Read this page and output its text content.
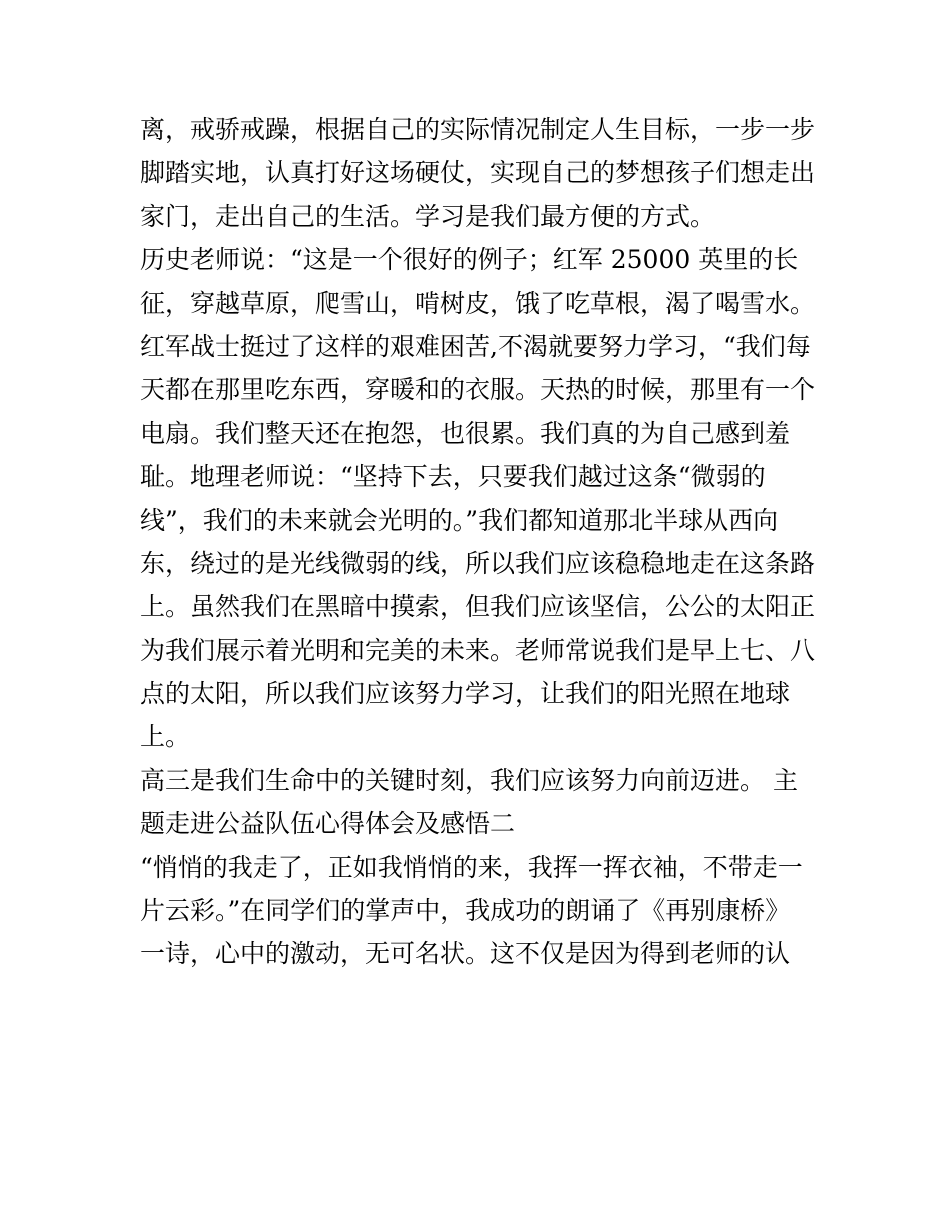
离，戒骄戒躁，根据自己的实际情况制定人生目标，一步一步
脚踏实地，认真打好这场硬仗，实现自己的梦想孩子们想走出
家门，走出自己的生活。学习是我们最方便的方式。
历史老师说：“这是一个很好的例子；红军 25000 英里的长
征，穿越草原，爬雪山，啃树皮，饿了吃草根，渴了喝雪水。
红军战士挺过了这样的艰难困苦,不渴就要努力学习，“我们每
天都在那里吃东西，穿暖和的衣服。天热的时候，那里有一个
电扇。我们整天还在抱怨，也很累。我们真的为自己感到羞
耻。地理老师说：“坚持下去，只要我们越过这条“微弱的
线”，我们的未来就会光明的。”我们都知道那北半球从西向
东，绕过的是光线微弱的线，所以我们应该稳稳地走在这条路
上。虽然我们在黑暗中摸索，但我们应该坚信，公公的太阳正
为我们展示着光明和完美的未来。老师常说我们是早上七、八
点的太阳，所以我们应该努力学习，让我们的阳光照在地球
上。
高三是我们生命中的关键时刻，我们应该努力向前迈进。 主
题走进公益队伍心得体会及感悟二
“悄悄的我走了，正如我悄悄的来，我挥一挥衣袖，不带走一
片云彩。”在同学们的掌声中，我成功的朗诵了《再别康桥》
一诗，心中的激动，无可名状。这不仅是因为得到老师的认
